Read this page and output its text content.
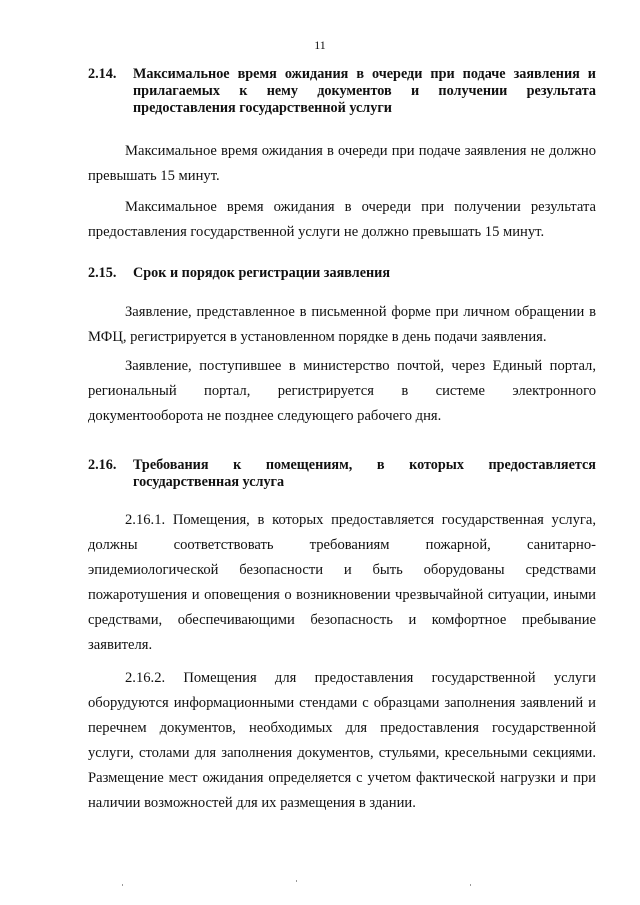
11
2.14.	Максимальное время ожидания в очереди при подаче заявления и прилагаемых к нему документов и получении результата предоставления государственной услуги

Максимальное время ожидания в очереди при подаче заявления не должно превышать 15 минут.

Максимальное время ожидания в очереди при получении результата предоставления государственной услуги не должно превышать 15 минут.

2.15.	Срок и порядок регистрации заявления

Заявление, представленное в письменной форме при личном обращении в МФЦ, регистрируется в установленном порядке в день подачи заявления.

Заявление, поступившее в министерство почтой, через Единый портал, региональный портал, регистрируется в системе электронного документооборота не позднее следующего рабочего дня.

2.16.	Требования к помещениям, в которых предоставляется государственная услуга

2.16.1. Помещения, в которых предоставляется государственная услуга, должны соответствовать требованиям пожарной, санитарно-эпидемиологической безопасности и быть оборудованы средствами пожаротушения и оповещения о возникновении чрезвычайной ситуации, иными средствами, обеспечивающими безопасность и комфортное пребывание заявителя.

2.16.2. Помещения для предоставления государственной услуги оборудуются информационными стендами с образцами заполнения заявлений и перечнем документов, необходимых для предоставления государственной услуги, столами для заполнения документов, стульями, кресельными секциями. Размещение мест ожидания определяется с учетом фактической нагрузки и при наличии возможностей для их размещения в здании.
